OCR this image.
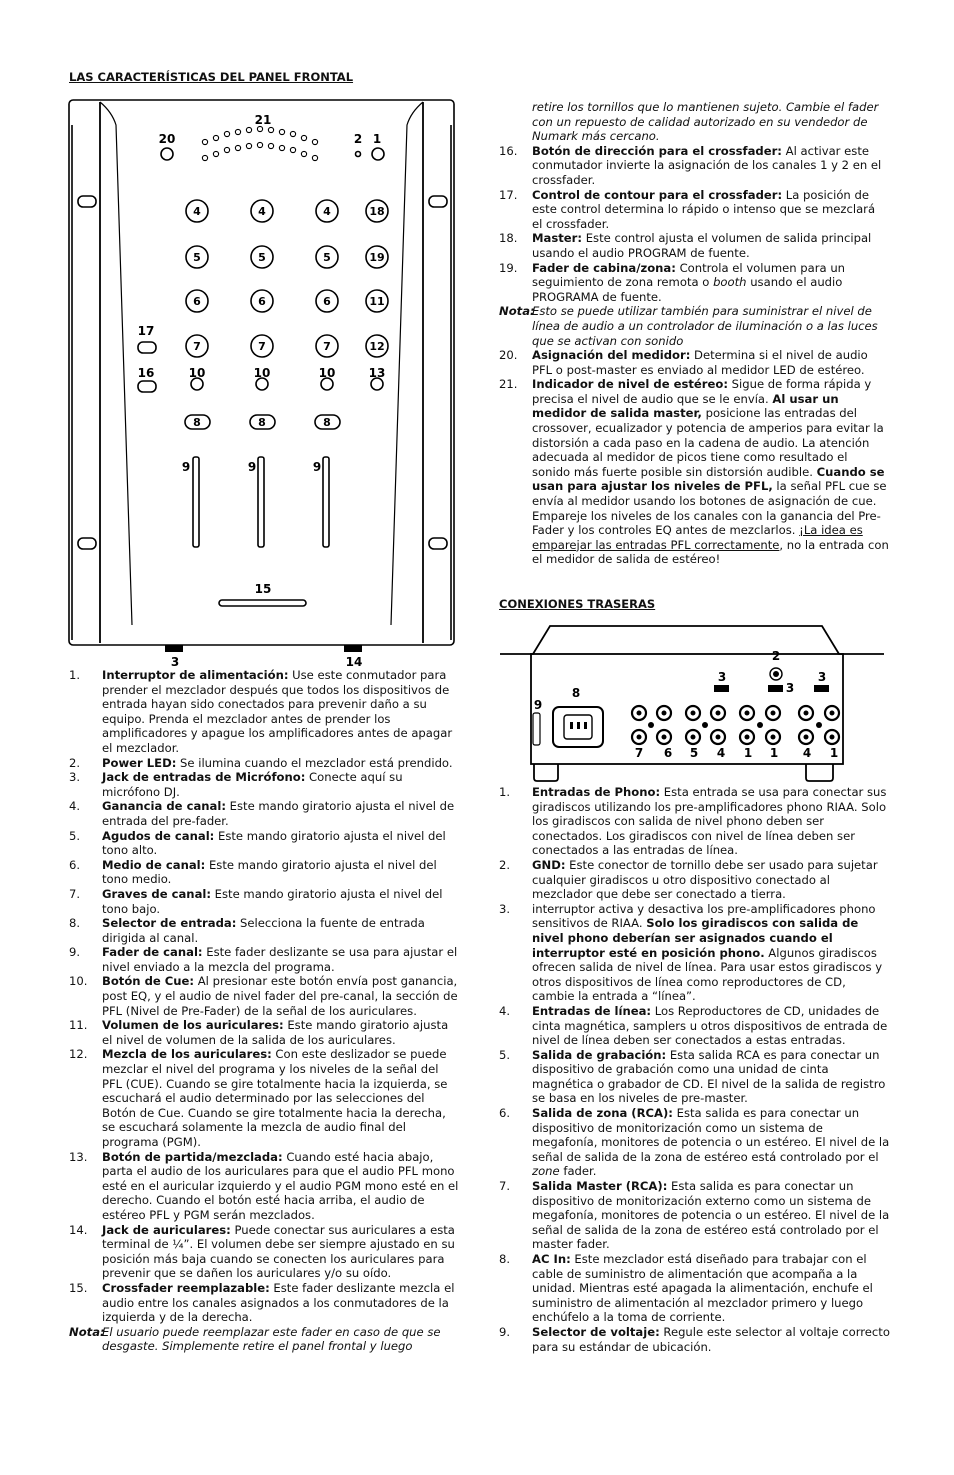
LAS CARACTERÍSTICAS DEL PANEL FRONTAL
21
20	2 1
17
16	10	10	10	13
9	9	9
15
3	14
4	4	4	18
5	5	5	19
6	6	6	11
7	7	7	12
8	8	8
1. Interruptor de alimentación: Use este conmutador para prender el mezclador después que todos los dispositivos de entrada hayan sido conectados para prevenir daño a su equipo. Prenda el mezclador antes de prender los amplificadores y apague los amplificadores antes de apagar el mezclador.
2. Power LED: Se ilumina cuando el mezclador está prendido.
3. Jack de entradas de Micrófono: Conecte aquí su micrófono DJ.
4. Ganancia de canal: Este mando giratorio ajusta el nivel de entrada del pre-fader.
5. Agudos de canal: Este mando giratorio ajusta el nivel del tono alto.
6. Medio de canal: Este mando giratorio ajusta el nivel del tono medio.
7. Graves de canal: Este mando giratorio ajusta el nivel del tono bajo.
8. Selector de entrada: Selecciona la fuente de entrada dirigida al canal.
9. Fader de canal: Este fader deslizante se usa para ajustar el nivel enviado a la mezcla del programa.
10. Botón de Cue: Al presionar este botón envía post ganancia, post EQ, y el audio de nivel fader del pre-canal, la sección de PFL (Nivel de Pre-Fader) de la señal de los auriculares.
11. Volumen de los auriculares: Este mando giratorio ajusta el nivel de volumen de la salida de los auriculares.
12. Mezcla de los auriculares: Con este deslizador se puede mezclar el nivel del programa y los niveles de la señal del PFL (CUE). Cuando se gire totalmente hacia la izquierda, se escuchará el audio determinado por las selecciones del Botón de Cue. Cuando se gire totalmente hacia la derecha, se escuchará solamente la mezcla de audio final del programa (PGM).
13. Botón de partida/mezclada: Cuando esté hacia abajo, parta el audio de los auriculares para que el audio PFL mono esté en el auricular izquierdo y el audio PGM mono esté en el derecho. Cuando el botón esté hacia arriba, el audio de estéreo PFL y PGM serán mezclados.
14. Jack de auriculares: Puede conectar sus auriculares a esta terminal de ¼”. El volumen debe ser siempre ajustado en su posición más baja cuando se conecten los auriculares para prevenir que se dañen los auriculares y/o su oído.
15. Crossfader reemplazable: Este fader deslizante mezcla el audio entre los canales asignados a los conmutadores de la izquierda y de la derecha.
Nota:
El usuario puede reemplazar este fader en caso de que se desgaste. Simplemente retire el panel frontal y luego
retire los tornillos que lo mantienen sujeto. Cambie el fader con un repuesto de calidad autorizado en su vendedor de Numark más cercano.
16. Botón de dirección para el crossfader: Al activar este conmutador invierte la asignación de los canales 1 y 2 en el crossfader.
17. Control de contour para el crossfader: La posición de este control determina lo rápido o intenso que se mezclará el crossfader.
18. Master: Este control ajusta el volumen de salida principal usando el audio PROGRAM de fuente.
19. Fader de cabina/zona: Controla el volumen para un seguimiento de zona remota o booth usando el audio PROGRAMA de fuente.
Nota:
Esto se puede utilizar también para suministrar el nivel de línea de audio a un controlador de iluminación o a las luces que se activan con sonido
20. Asignación del medidor: Determina si el nivel de audio PFL o post-master es enviado al medidor LED de estéreo.
21. Indicador de nivel de estéreo: Sigue de forma rápida y precisa el nivel de audio que se le envía. Al usar un medidor de salida master, posicione las entradas del crossover, ecualizador y potencia de amperios para evitar la distorsión a cada paso en la cadena de audio. La atención adecuada al medidor de picos tiene como resultado el sonido más fuerte posible sin distorsión audible. Cuando se usan para ajustar los niveles de PFL, la señal PFL cue se envía al medidor usando los botones de asignación de cue. Empareje los niveles de los canales con la ganancia del Pre-Fader y los controles EQ antes de mezclarlos. ¡La idea es emparejar las entradas PFL correctamente, no la entrada con el medidor de salida de estéreo!
CONEXIONES TRASERAS
2
3
3
3
9
8
7 6 5 4 1 1 4 1
1. Entradas de Phono: Esta entrada se usa para conectar sus giradiscos utilizando los pre-amplificadores phono RIAA. Solo los giradiscos con salida de nivel phono deben ser conectados. Los giradiscos con nivel de línea deben ser conectados a las entradas de línea.
2. GND: Este conector de tornillo debe ser usado para sujetar cualquier giradiscos u otro dispositivo conectado al mezclador que debe ser conectado a tierra.
3. interruptor activa y desactiva los pre-amplificadores phono sensitivos de RIAA. Solo los giradiscos con salida de nivel phono deberían ser asignados cuando el interruptor esté en posición phono. Algunos giradiscos ofrecen salida de nivel de línea. Para usar estos giradiscos y otros dispositivos de línea como reproductores de CD, cambie la entrada a “línea”.
4. Entradas de línea: Los Reproductores de CD, unidades de cinta magnética, samplers u otros dispositivos de entrada de nivel de línea deben ser conectados a estas entradas.
5. Salida de grabación: Esta salida RCA es para conectar un dispositivo de grabación como una unidad de cinta magnética o grabador de CD. El nivel de la salida de registro se basa en los niveles de pre-master.
6. Salida de zona (RCA): Esta salida es para conectar un dispositivo de monitorización como un sistema de megafonía, monitores de potencia o un estéreo. El nivel de la señal de salida de la zona de estéreo está controlado por el zone fader.
7. Salida Master (RCA): Esta salida es para conectar un dispositivo de monitorización externo como un sistema de megafonía, monitores de potencia o un estéreo. El nivel de la señal de salida de la zona de estéreo está controlado por el master fader.
8. AC In: Este mezclador está diseñado para trabajar con el cable de suministro de alimentación que acompaña a la unidad. Mientras esté apagada la alimentación, enchufe el suministro de alimentación al mezclador primero y luego enchúfelo a la toma de corriente.
9. Selector de voltaje: Regule este selector al voltaje correcto para su estándar de ubicación.
